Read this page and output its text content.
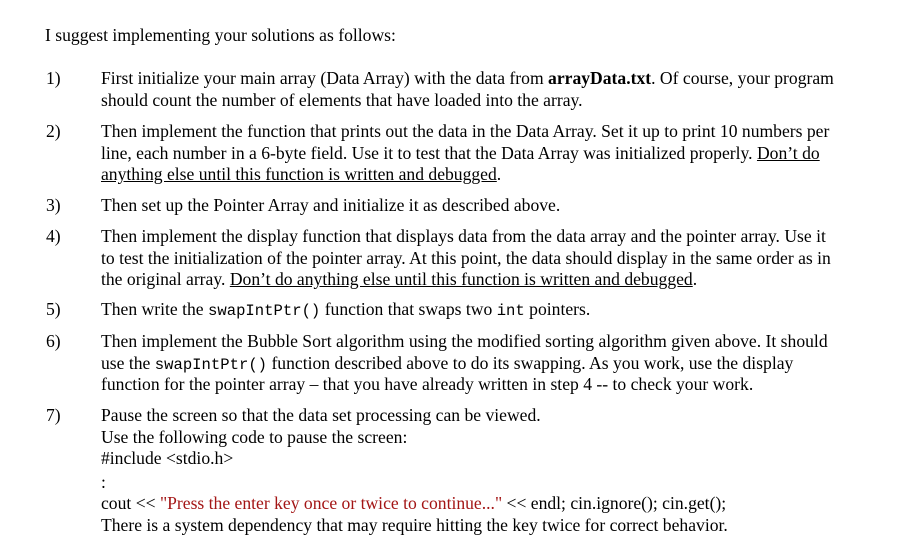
I suggest implementing your solutions as follows:
1) First initialize your main array (Data Array) with the data from arrayData.txt. Of course, your program
should count the number of elements that have loaded into the array.
2) Then implement the function that prints out the data in the Data Array. Set it up to print 10 numbers per
line, each number in a 6-byte field. Use it to test that the Data Array was initialized properly. Don’t do
anything else until this function is written and debugged.
3) Then set up the Pointer Array and initialize it as described above.
4) Then implement the display function that displays data from the data array and the pointer array. Use it
to test the initialization of the pointer array. At this point, the data should display in the same order as in
the original array. Don’t do anything else until this function is written and debugged.
5) Then write the swapIntPtr() function that swaps two int pointers.
6) Then implement the Bubble Sort algorithm using the modified sorting algorithm given above. It should
use the swapIntPtr() function described above to do its swapping. As you work, use the display
function for the pointer array – that you have already written in step 4 -- to check your work.
7) Pause the screen so that the data set processing can be viewed.
Use the following code to pause the screen:
#include <stdio.h>
:
cout << "Press the enter key once or twice to continue..." << endl; cin.ignore(); cin.get();
There is a system dependency that may require hitting the key twice for correct behavior.
